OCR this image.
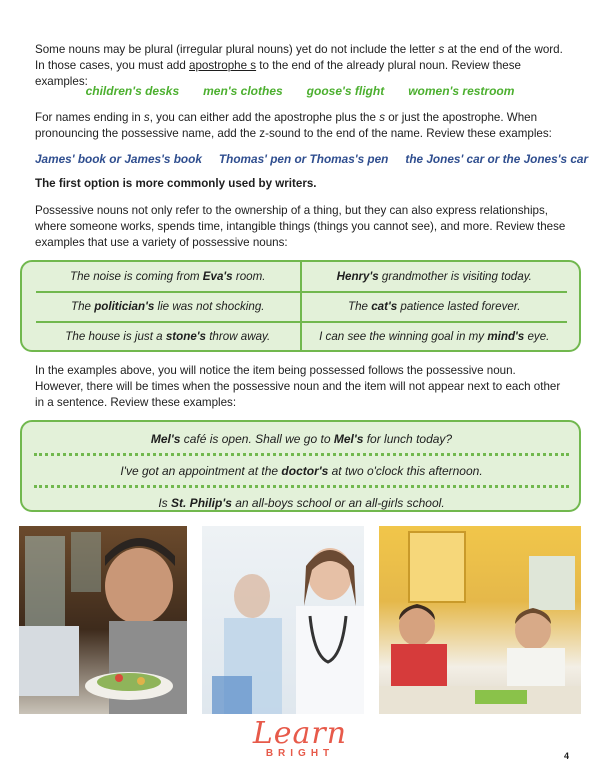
Some nouns may be plural (irregular plural nouns) yet do not include the letter s at the end of the word. In those cases, you must add apostrophe s to the end of the already plural noun. Review these examples:

children's desks men's clothes goose's flight women's restroom

For names ending in s, you can either add the apostrophe plus the s or just the apostrophe. When pronouncing the possessive name, add the z-sound to the end of the name. Review these examples:

James' book or James's book Thomas' pen or Thomas's pen the Jones' car or the Jones's car

The first option is more commonly used by writers.

Possessive nouns not only refer to the ownership of a thing, but they can also express relationships, where someone works, spends time, intangible things (things you cannot see), and more. Review these examples that use a variety of possessive nouns:

The noise is coming from Eva's room.	Henry's grandmother is visiting today.
The politician's lie was not shocking.	The cat's patience lasted forever.
The house is just a stone's throw away.	I can see the winning goal in my mind's eye.

In the examples above, you will notice the item being possessed follows the possessive noun. However, there will be times when the possessive noun and the item will not appear next to each other in a sentence. Review these examples:

Mel's café is open. Shall we go to Mel's for lunch today?
I've got an appointment at the doctor's at two o'clock this afternoon.
Is St. Philip's an all-boys school or an all-girls school.
Learn
BRIGHT	4
